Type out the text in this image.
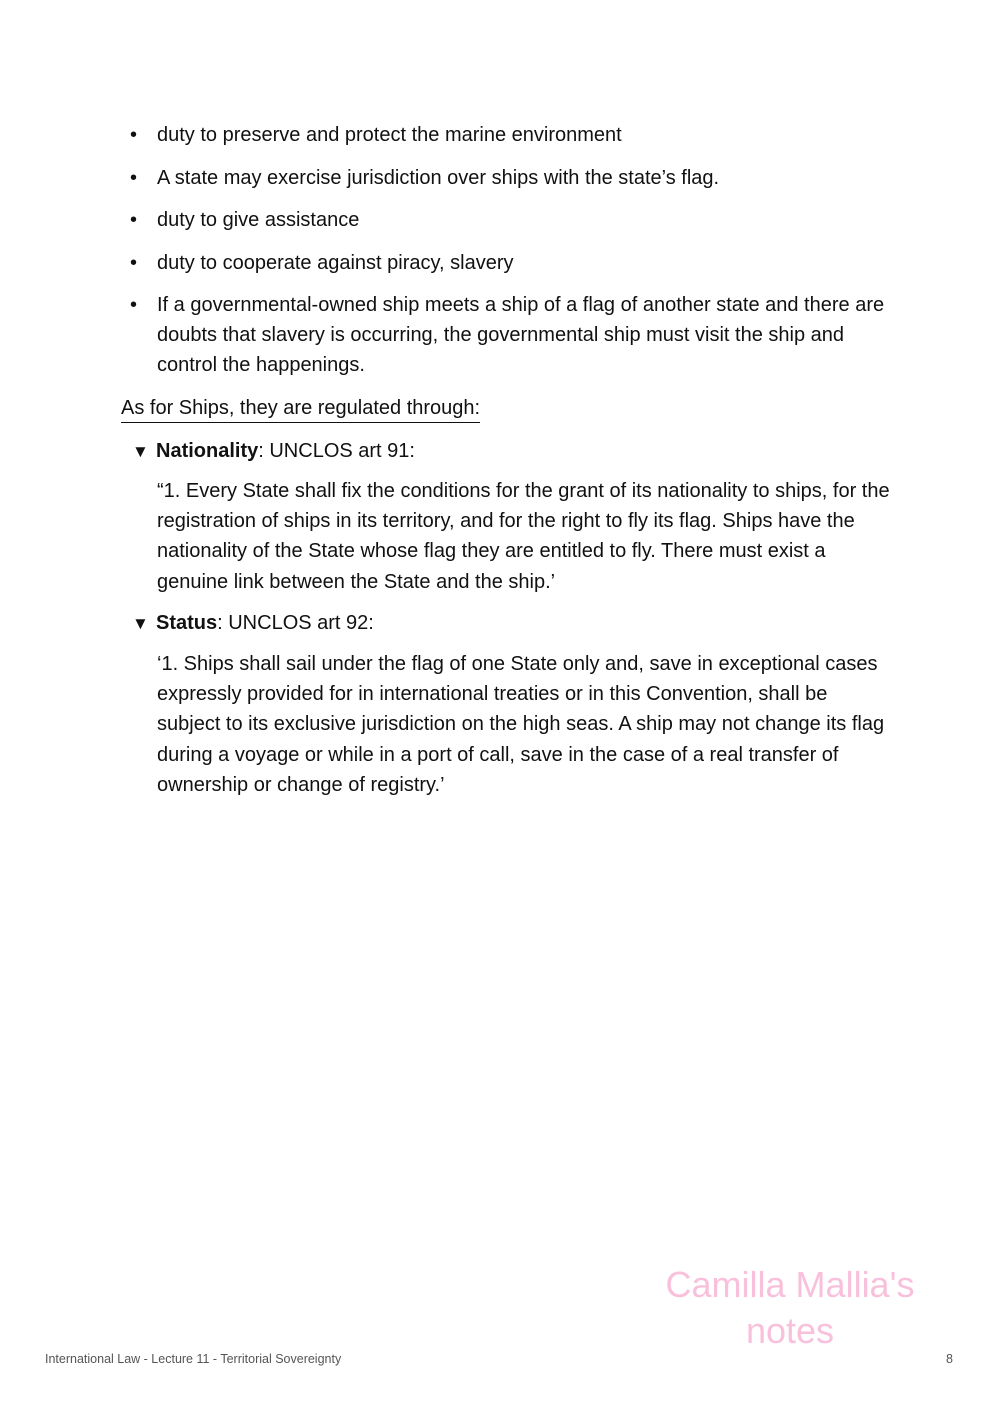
• duty to preserve and protect the marine environment
• A state may exercise jurisdiction over ships with the state’s flag.
• duty to give assistance
• duty to cooperate against piracy, slavery
• If a governmental-owned ship meets a ship of a flag of another state and there are doubts that slavery is occurring, the governmental ship must visit the ship and control the happenings.
As for Ships, they are regulated through:
▼ Nationality: UNCLOS art 91:
“1. Every State shall fix the conditions for the grant of its nationality to ships, for the registration of ships in its territory, and for the right to fly its flag. Ships have the nationality of the State whose flag they are entitled to fly. There must exist a genuine link between the State and the ship.’
▼ Status: UNCLOS art 92:
‘1. Ships shall sail under the flag of one State only and, save in exceptional cases expressly provided for in international treaties or in this Convention, shall be subject to its exclusive jurisdiction on the high seas. A ship may not change its flag during a voyage or while in a port of call, save in the case of a real transfer of ownership or change of registry.’
Camilla Mallia's
notes
International Law - Lecture 11 - Territorial Sovereignty	8
